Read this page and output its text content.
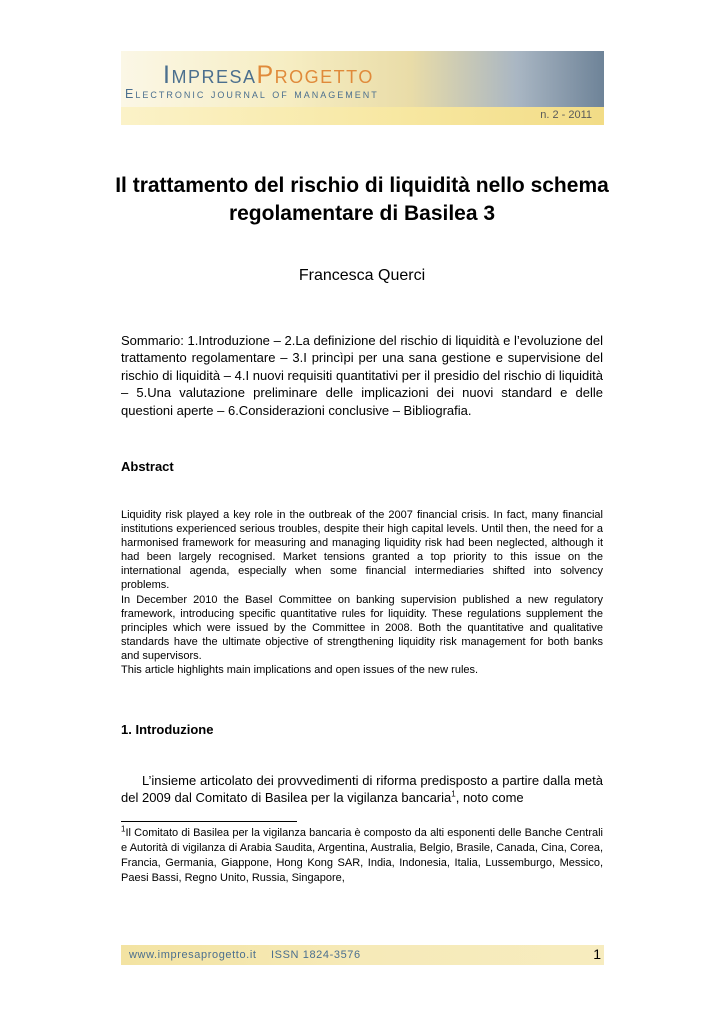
ImpresaProgetto
Electronic journal of management
n. 2 - 2011
Il trattamento del rischio di liquidità nello schema regolamentare di Basilea 3
Francesca Querci
Sommario: 1.Introduzione – 2.La definizione del rischio di liquidità e l’evoluzione del trattamento regolamentare – 3.I princìpi per una sana gestione e supervisione del rischio di liquidità – 4.I nuovi requisiti quantitativi per il presidio del rischio di liquidità – 5.Una valutazione preliminare delle implicazioni dei nuovi standard e delle questioni aperte – 6.Considerazioni conclusive – Bibliografia.
Abstract

Liquidity risk played a key role in the outbreak of the 2007 financial crisis. In fact, many financial institutions experienced serious troubles, despite their high capital levels. Until then, the need for a harmonised framework for measuring and managing liquidity risk had been neglected, although it had been largely recognised. Market tensions granted a top priority to this issue on the international agenda, especially when some financial intermediaries shifted into solvency problems.

In December 2010 the Basel Committee on banking supervision published a new regulatory framework, introducing specific quantitative rules for liquidity. These regulations supplement the principles which were issued by the Committee in 2008. Both the quantitative and qualitative standards have the ultimate objective of strengthening liquidity risk management for both banks and supervisors.

This article highlights main implications and open issues of the new rules.

1. Introduzione
L’insieme articolato dei provvedimenti di riforma predisposto a partire dalla metà del 2009 dal Comitato di Basilea per la vigilanza bancaria$^1$, noto come
$^1$Il Comitato di Basilea per la vigilanza bancaria è composto da alti esponenti delle Banche Centrali e Autorità di vigilanza di Arabia Saudita, Argentina, Australia, Belgio, Brasile, Canada, Cina, Corea, Francia, Germania, Giappone, Hong Kong SAR, India, Indonesia, Italia, Lussemburgo, Messico, Paesi Bassi, Regno Unito, Russia, Singapore,
www.impresaprogetto.it ISSN 1824-3576	1
